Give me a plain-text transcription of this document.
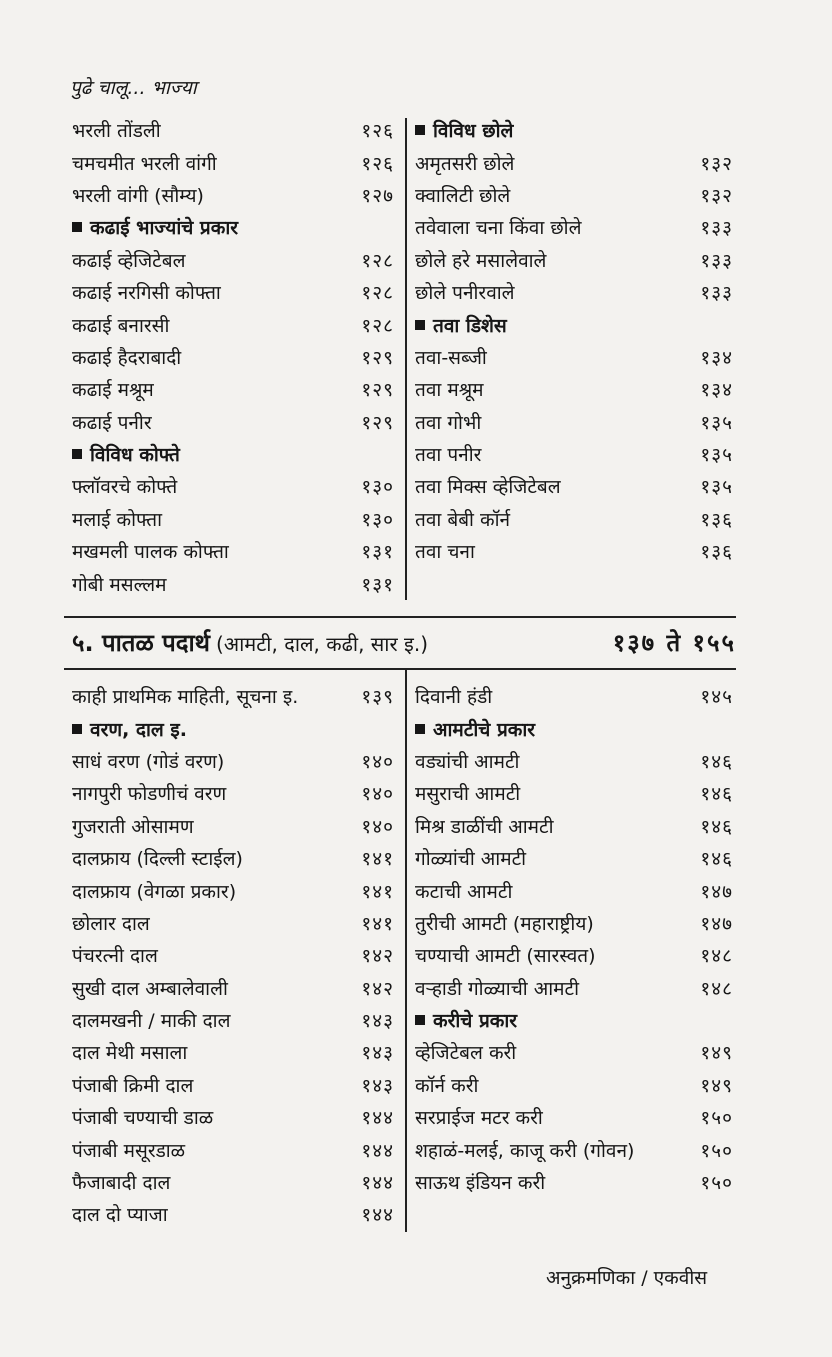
पुढे चालू... भाज्या
भरली तोंडली	१२६
चमचमीत भरली वांगी	१२६
भरली वांगी (सौम्य)	१२७
कढाई भाज्यांचे प्रकार
कढाई व्हेजिटेबल	१२८
कढाई नरगिसी कोफ्ता	१२८
कढाई बनारसी	१२८
कढाई हैदराबादी	१२९
कढाई मश्रूम	१२९
कढाई पनीर	१२९
विविध कोफ्ते
फ्लॉवरचे कोफ्ते	१३०
मलाई कोफ्ता	१३०
मखमली पालक कोफ्ता	१३१
गोबी मसल्लम	१३१
विविध छोले
अमृतसरी छोले	१३२
क्वालिटी छोले	१३२
तवेवाला चना किंवा छोले	१३३
छोले हरे मसालेवाले	१३३
छोले पनीरवाले	१३३
तवा डिशेस
तवा-सब्जी	१३४
तवा मश्रूम	१३४
तवा गोभी	१३५
तवा पनीर	१३५
तवा मिक्स व्हेजिटेबल	१३५
तवा बेबी कॉर्न	१३६
तवा चना	१३६
५. पातळ पदार्थ (आमटी, दाल, कढी, सार इ.)	१३७ ते १५५
काही प्राथमिक माहिती, सूचना इ.	१३९
वरण, दाल इ.
साधं वरण (गोडं वरण)	१४०
नागपुरी फोडणीचं वरण	१४०
गुजराती ओसामण	१४०
दालफ्राय (दिल्ली स्टाईल)	१४१
दालफ्राय (वेगळा प्रकार)	१४१
छोलार दाल	१४१
पंचरत्नी दाल	१४२
सुखी दाल अम्बालेवाली	१४२
दालमखनी / माकी दाल	१४३
दाल मेथी मसाला	१४३
पंजाबी क्रिमी दाल	१४३
पंजाबी चण्याची डाळ	१४४
पंजाबी मसूरडाळ	१४४
फैजाबादी दाल	१४४
दाल दो प्याजा	१४४
दिवानी हंडी	१४५
आमटीचे प्रकार
वड्यांची आमटी	१४६
मसुराची आमटी	१४६
मिश्र डाळींची आमटी	१४६
गोळ्यांची आमटी	१४६
कटाची आमटी	१४७
तुरीची आमटी (महाराष्ट्रीय)	१४७
चण्याची आमटी (सारस्वत)	१४८
वऱ्हाडी गोळ्याची आमटी	१४८
करीचे प्रकार
व्हेजिटेबल करी	१४९
कॉर्न करी	१४९
सरप्राईज मटर करी	१५०
शहाळं-मलई, काजू करी (गोवन)	१५०
साऊथ इंडियन करी	१५०
अनुक्रमणिका / एकवीस
